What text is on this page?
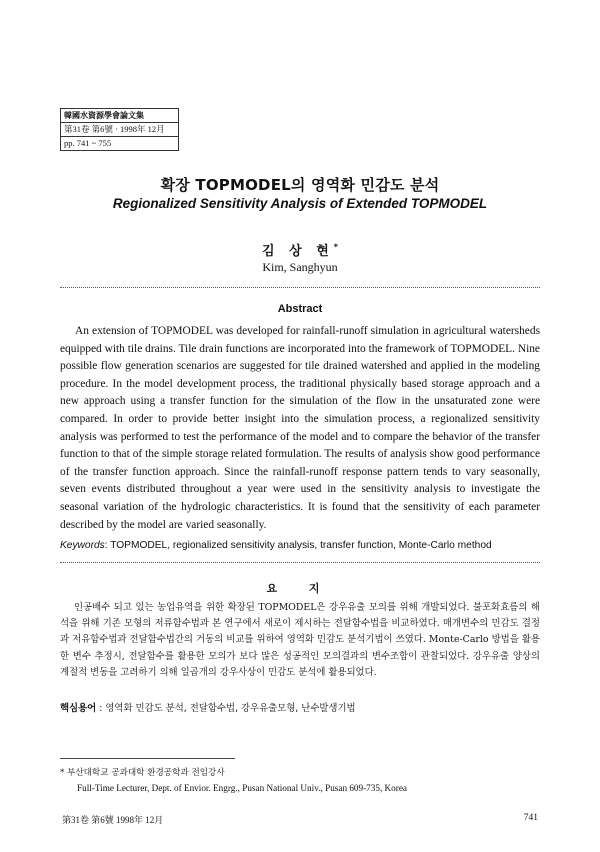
韓國水資源學會論文集
第31卷 第6號 · 1998年 12月
pp. 741 ~ 755
확장 TOPMODEL의 영역화 민감도 분석
Regionalized Sensitivity Analysis of Extended TOPMODEL
김 상 현*
Kim, Sanghyun
Abstract
An extension of TOPMODEL was developed for rainfall-runoff simulation in agricultural watersheds equipped with tile drains. Tile drain functions are incorporated into the framework of TOPMODEL. Nine possible flow generation scenarios are suggested for tile drained watershed and applied in the modeling procedure. In the model development process, the traditional physically based storage approach and a new approach using a transfer function for the simulation of the flow in the unsaturated zone were compared. In order to provide better insight into the simulation process, a regionalized sensitivity analysis was performed to test the performance of the model and to compare the behavior of the transfer function to that of the simple storage related formulation. The results of analysis show good performance of the transfer function approach. Since the rainfall-runoff response pattern tends to vary seasonally, seven events distributed throughout a year were used in the sensitivity analysis to investigate the seasonal variation of the hydrologic characteristics. It is found that the sensitivity of each parameter described by the model are varied seasonally.
Keywords: TOPMODEL, regionalized sensitivity analysis, transfer function, Monte-Carlo method
요 지
인공배수 되고 있는 농업유역을 위한 확장된 TOPMODEL은 강우유출 모의를 위해 개발되었다. 불포화효름의 해석을 위해 기존 모형의 저류함수법과 본 연구에서 새로이 제시하는 전달함수법을 비교하였다. 매개변수의 민감도 결정과 저유함수법과 전달함수법간의 거동의 비교를 위하여 영역화 민감도 분석기법이 쓰였다. Monte-Carlo 방법을 활용한 변수 추정시, 전달함수를 활용한 모의가 보다 많은 성공적인 모의결과의 변수조합이 관찰되었다. 강우유출 양상의 계절적 변동을 고려하기 의해 일곱개의 강우사상이 민감도 분석에 활용되었다.
핵심용어 : 영역화 민감도 분석, 전달함수법, 강우유출모형, 난수발생기법
* 부산대학교 공과대학 환경공학과 전임강사
Full-Time Lecturer, Dept. of Envior. Engrg., Pusan National Univ., Pusan 609-735, Korea
第31卷 第6號 1998年 12月	741
